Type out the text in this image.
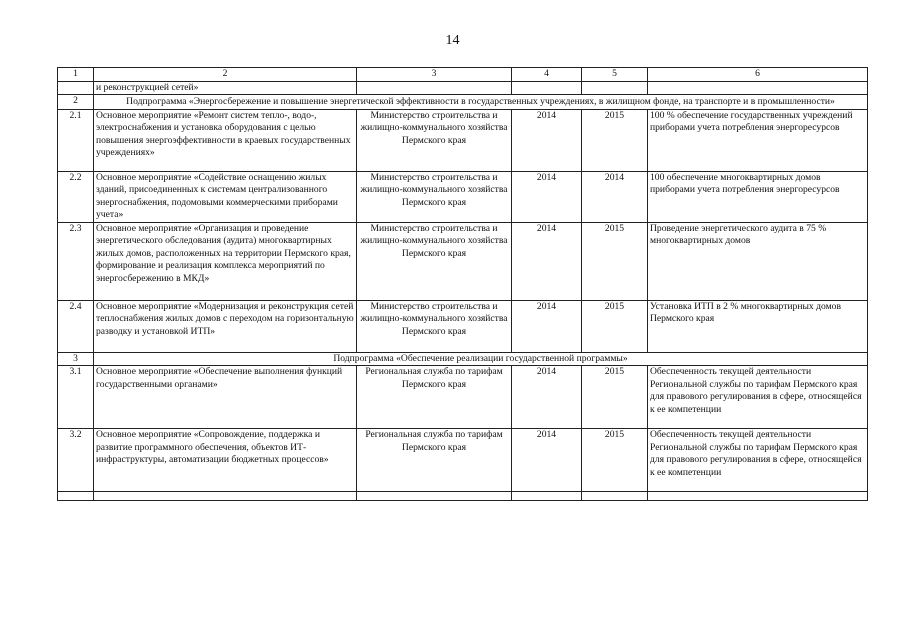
14
1	2	3	4	5	6
	и реконструкцией сетей»				
2	Подпрограмма «Энергосбережение и повышение энергетической эффективности в государственных учреждениях, в жилищном фонде, на транспорте и в промышленности»				
2.1	Основное мероприятие «Ремонт систем тепло-, водо-, электроснабжения и установка оборудования с целью повышения энергоэффективности в краевых государственных учреждениях»	Министерство строительства и жилищно-коммунального хозяйства Пермского края	2014	2015	100 % обеспечение государственных учреждений приборами учета потребления энергоресурсов
2.2	Основное мероприятие «Содействие оснащению жилых зданий, присоединенных к системам централизованного энергоснабжения, подомовыми коммерческими приборами учета»	Министерство строительства и жилищно-коммунального хозяйства Пермского края	2014	2014	100 обеспечение многоквартирных домов приборами учета потребления энергоресурсов
2.3	Основное мероприятие «Организация и проведение энергетического обследования (аудита) многоквартирных жилых домов, расположенных на территории Пермского края, формирование и реализация комплекса мероприятий по энергосбережению в МКД»	Министерство строительства и жилищно-коммунального хозяйства Пермского края	2014	2015	Проведение энергетического аудита в 75 % многоквартирных домов
2.4	Основное мероприятие «Модернизация и реконструкция сетей теплоснабжения жилых домов с переходом на горизонтальную разводку и установкой ИТП»	Министерство строительства и жилищно-коммунального хозяйства Пермского края	2014	2015	Установка ИТП в 2 % многоквартирных домов Пермского края
3	Подпрограмма «Обеспечение реализации государственной программы»				
3.1	Основное мероприятие «Обеспечение выполнения функций государственными органами»	Региональная служба по тарифам Пермского края	2014	2015	Обеспеченность текущей деятельности Региональной службы по тарифам Пермского края для правового регулирования в сфере, относящейся к ее компетенции
3.2	Основное мероприятие «Сопровождение, поддержка и развитие программного обеспечения, объектов ИТ-инфраструктуры, автоматизации бюджетных процессов»	Региональная служба по тарифам Пермского края	2014	2015	Обеспеченность текущей деятельности Региональной службы по тарифам Пермского края для правового регулирования в сфере, относящейся к ее компетенции
